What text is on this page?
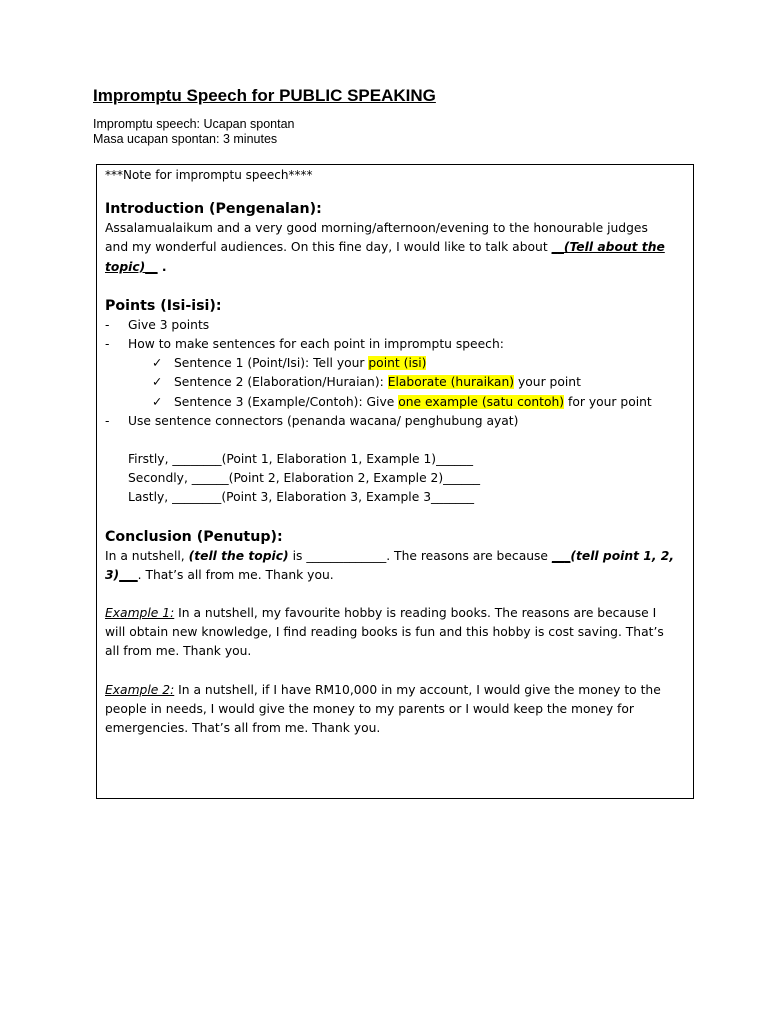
Impromptu Speech for PUBLIC SPEAKING

Impromptu speech: Ucapan spontan

Masa ucapan spontan: 3 minutes

***Note for impromptu speech****

Introduction (Pengenalan):

Assalamualaikum and a very good morning/afternoon/evening to the honourable judges

and my wonderful audiences. On this fine day, I would like to talk about __(Tell about the

topic)__ .

Points (Isi-isi):

-	Give 3 points
-	How to make sentences for each point in impromptu speech:
✓ Sentence 1 (Point/Isi): Tell your point (isi)
✓ Sentence 2 (Elaboration/Huraian): Elaborate (huraikan) your point
✓ Sentence 3 (Example/Contoh): Give one example (satu contoh) for your point
-	Use sentence connectors (penanda wacana/ penghubung ayat)

Firstly, ________(Point 1, Elaboration 1, Example 1)______

Secondly, ______(Point 2, Elaboration 2, Example 2)______

Lastly, ________(Point 3, Elaboration 3, Example 3_______

Conclusion (Penutup):

In a nutshell, (tell the topic) is _____________. The reasons are because ___(tell point 1, 2,

3)___. That’s all from me. Thank you.

Example 1: In a nutshell, my favourite hobby is reading books. The reasons are because I

will obtain new knowledge, I find reading books is fun and this hobby is cost saving. That’s

all from me. Thank you.

Example 2: In a nutshell, if I have RM10,000 in my account, I would give the money to the

people in needs, I would give the money to my parents or I would keep the money for

emergencies. That’s all from me. Thank you.
